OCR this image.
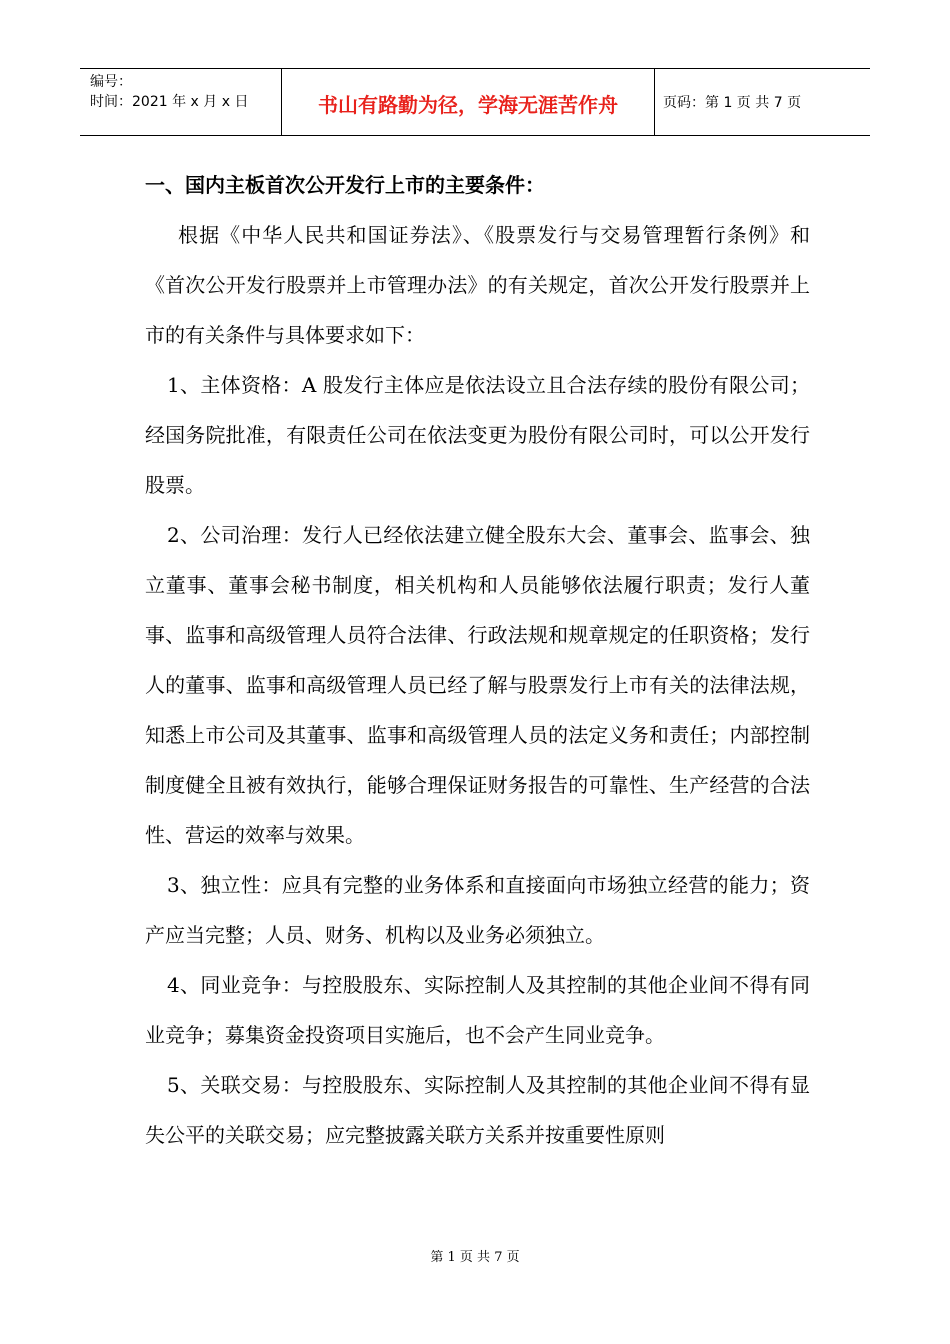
编号：
时间：2021 年 x 月 x 日	书山有路勤为径，学海无涯苦作舟	页码：第 1 页 共 7 页

一、国内主板首次公开发行上市的主要条件：

根据《中华人民共和国证券法》、《股票发行与交易管理暂行条例》和《首次公开发行股票并上市管理办法》的有关规定，首次公开发行股票并上市的有关条件与具体要求如下：

1、主体资格：A 股发行主体应是依法设立且合法存续的股份有限公司；经国务院批准，有限责任公司在依法变更为股份有限公司时，可以公开发行股票。

2、公司治理：发行人已经依法建立健全股东大会、董事会、监事会、独立董事、董事会秘书制度，相关机构和人员能够依法履行职责；发行人董事、监事和高级管理人员符合法律、行政法规和规章规定的任职资格；发行人的董事、监事和高级管理人员已经了解与股票发行上市有关的法律法规，知悉上市公司及其董事、监事和高级管理人员的法定义务和责任；内部控制制度健全且被有效执行，能够合理保证财务报告的可靠性、生产经营的合法性、营运的效率与效果。

3、独立性：应具有完整的业务体系和直接面向市场独立经营的能力；资产应当完整；人员、财务、机构以及业务必须独立。

4、同业竞争：与控股股东、实际控制人及其控制的其他企业间不得有同业竞争；募集资金投资项目实施后，也不会产生同业竞争。

5、关联交易：与控股股东、实际控制人及其控制的其他企业间不得有显失公平的关联交易；应完整披露关联方关系并按重要性原则

第 1 页 共 7 页
